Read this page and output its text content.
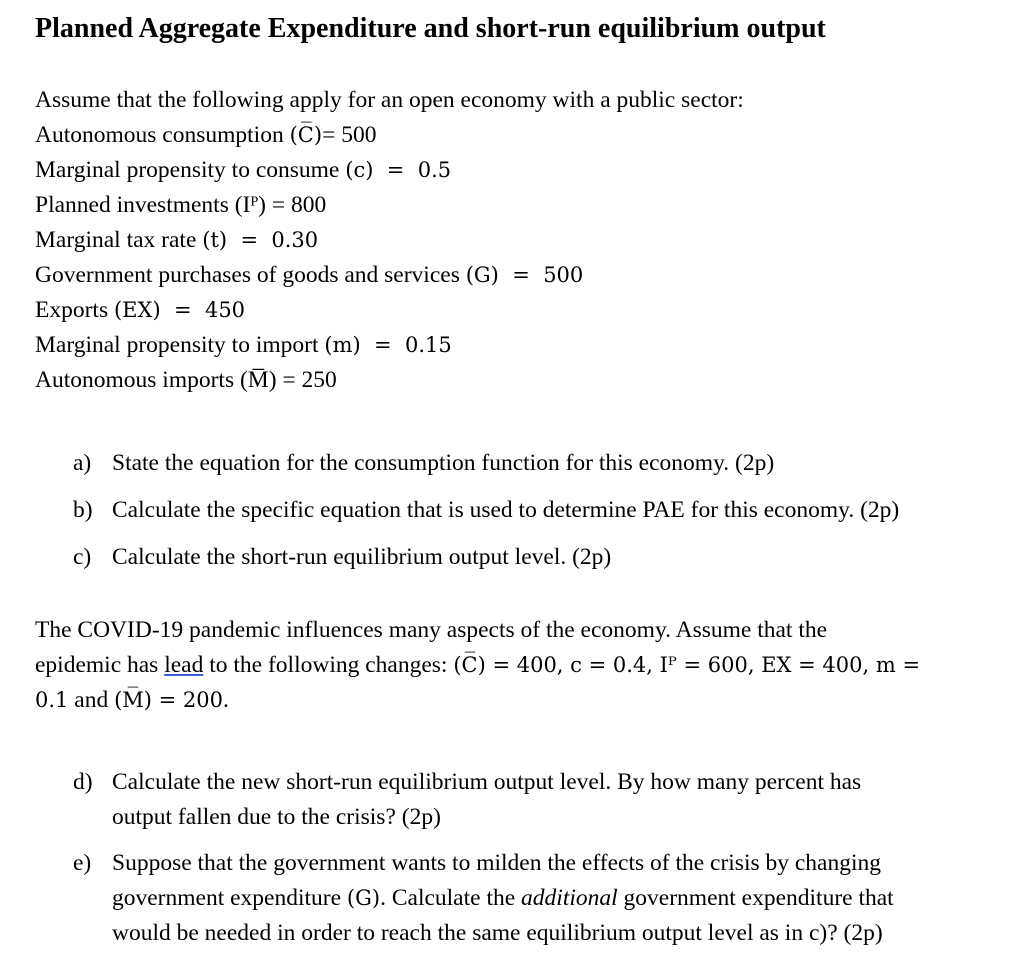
Planned Aggregate Expenditure and short-run equilibrium output
Assume that the following apply for an open economy with a public sector:
Autonomous consumption (C̅)= 500
Marginal propensity to consume (c)  =  0.5
Planned investments (Iᴾ) = 800
Marginal tax rate (t)  =  0.30
Government purchases of goods and services (G)  =  500
Exports (EX)  =  450
Marginal propensity to import (m)  =  0.15
Autonomous imports (M̅) = 250
a) State the equation for the consumption function for this economy. (2p)
b) Calculate the specific equation that is used to determine PAE for this economy. (2p)
c) Calculate the short-run equilibrium output level. (2p)
The COVID-19 pandemic influences many aspects of the economy. Assume that the
epidemic has lead to the following changes: (C̅) = 400, c = 0.4, Iᴾ = 600, EX = 400, m =
0.1 and (M̅) = 200.
d) Calculate the new short-run equilibrium output level. By how many percent has
output fallen due to the crisis? (2p)
e) Suppose that the government wants to milden the effects of the crisis by changing
government expenditure (G). Calculate the additional government expenditure that
would be needed in order to reach the same equilibrium output level as in c)? (2p)
